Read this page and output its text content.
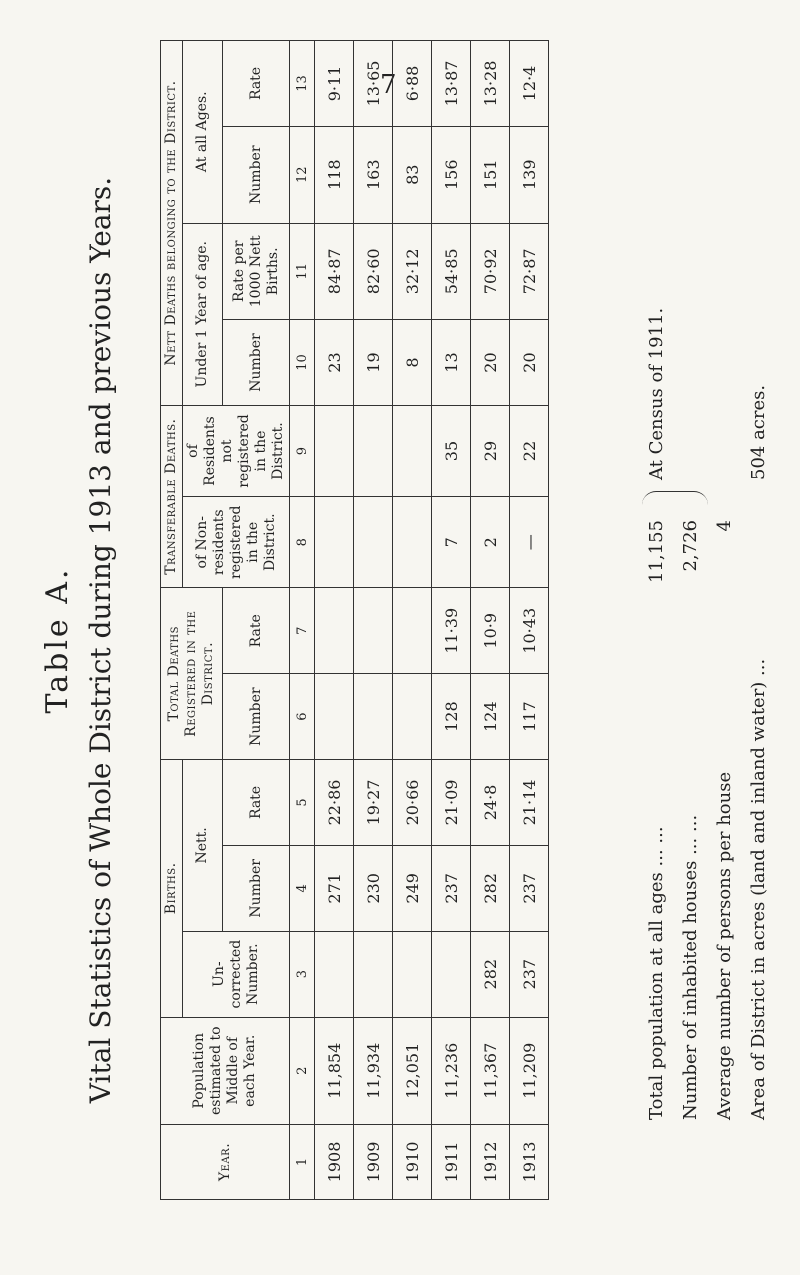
7
Table A. Vital Statistics of Whole District during 1913 and previous Years.
Year.	Population estimated to Middle of each Year.	Births.			Total Deaths Registered in the District.		Transferable Deaths.		Nett Deaths belonging to the District.			
		Un-corrected Number.	Nett.				of Non-residents registered in the District.	of Residents not registered in the District.	Under 1 Year of age.		At all Ages.	
			Number	Rate	Number	Rate			Number	Rate per 1000 Nett Births.	Number	Rate
1	2	3	4	5	6	7	8	9	10	11	12	13
1908	11,854		271	22·86					23	84·87	118	9·11
1909	11,934		230	19·27					19	82·60	163	13·65
1910	12,051		249	20·66					8	32·12	83	6·88
1911	11,236		237	21·09	128	11·39	7	35	13	54·85	156	13·87
1912	11,367	282	282	24·8	124	10·9	2	29	20	70·92	151	13·28
1913	11,209	237	237	21·14	117	10·43	—	22	20	72·87	139	12·4
Total population at all ages ... ...
11,155
At Census of 1911.
Number of inhabited houses ... ...
2,726
Average number of persons per house
4
Area of District in acres (land and inland water) ...
504 acres.
